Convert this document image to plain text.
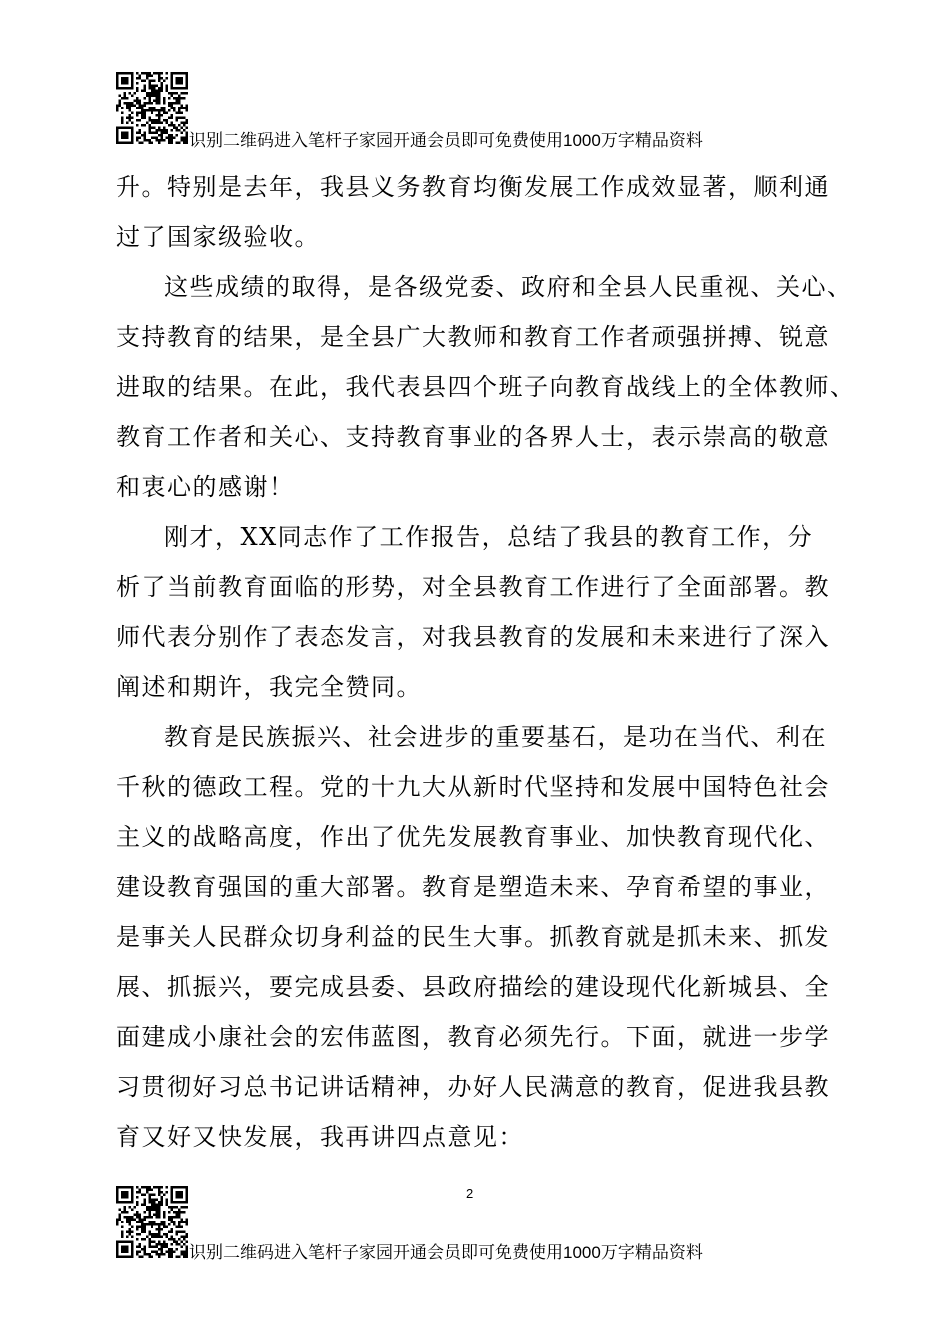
识别二维码进入笔杆子家园开通会员即可免费使用1000万字精品资料
升。特别是去年，我县义务教育均衡发展工作成效显著，顺利通
过了国家级验收。
这些成绩的取得，是各级党委、政府和全县人民重视、关心、
支持教育的结果，是全县广大教师和教育工作者顽强拼搏、锐意
进取的结果。在此，我代表县四个班子向教育战线上的全体教师、
教育工作者和关心、支持教育事业的各界人士，表示崇高的敬意
和衷心的感谢！
刚才，XX同志作了工作报告，总结了我县的教育工作，分
析了当前教育面临的形势，对全县教育工作进行了全面部署。教
师代表分别作了表态发言，对我县教育的发展和未来进行了深入
阐述和期许，我完全赞同。
教育是民族振兴、社会进步的重要基石，是功在当代、利在
千秋的德政工程。党的十九大从新时代坚持和发展中国特色社会
主义的战略高度，作出了优先发展教育事业、加快教育现代化、
建设教育强国的重大部署。教育是塑造未来、孕育希望的事业，
是事关人民群众切身利益的民生大事。抓教育就是抓未来、抓发
展、抓振兴，要完成县委、县政府描绘的建设现代化新城县、全
面建成小康社会的宏伟蓝图，教育必须先行。下面，就进一步学
习贯彻好习总书记讲话精神，办好人民满意的教育，促进我县教
育又好又快发展，我再讲四点意见：
2
识别二维码进入笔杆子家园开通会员即可免费使用1000万字精品资料
